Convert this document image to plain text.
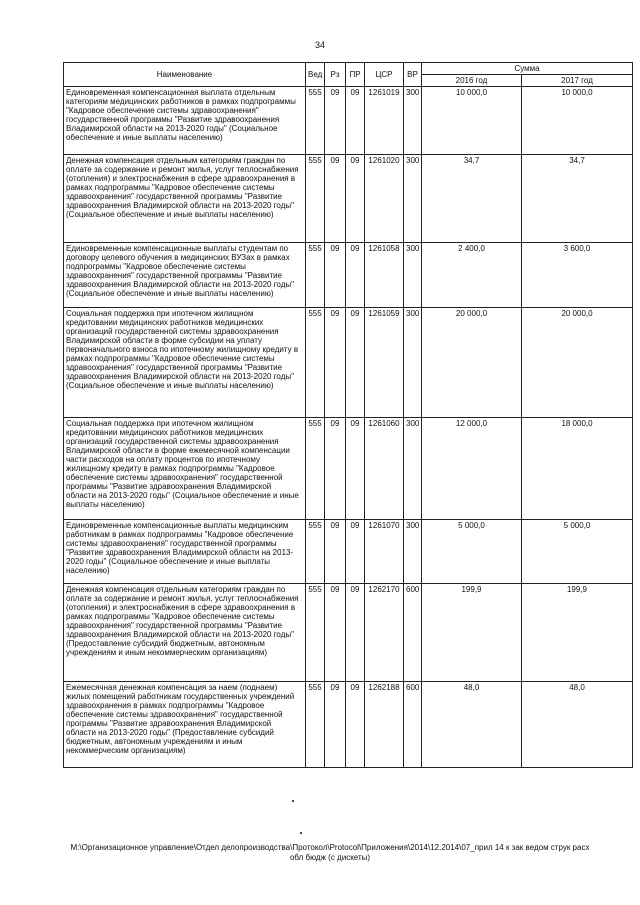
34
Наименование	Вед	Рз	ПР	ЦСР	ВР	Сумма	
						2016 год	2017 год
Единовременная компенсационная выплата отдельным категориям медицинских работников в рамках подпрограммы "Кадровое обеспечение системы здравоохранения" государственной программы "Развитие здравоохранения Владимирской области на 2013-2020 годы" (Социальное обеспечение и иные выплаты населению)	555	09	09	1261019	300	10 000,0	10 000,0
Денежная компенсация отдельным категориям граждан по оплате за содержание и ремонт жилья, услуг теплоснабжения (отопления) и электроснабжения в сфере здравоохранения в рамках подпрограммы "Кадровое обеспечение системы здравоохранения" государственной программы "Развитие здравоохранения Владимирской области на 2013-2020 годы" (Социальное обеспечение и иные выплаты населению)	555	09	09	1261020	300	34,7	34,7
Единовременные компенсационные выплаты студентам по договору целевого обучения в медицинских ВУЗах в рамках подпрограммы "Кадровое обеспечение системы здравоохранения" государственной программы "Развитие здравоохранения Владимирской области на 2013-2020 годы" (Социальное обеспечение и иные выплаты населению)	555	09	09	1261058	300	2 400,0	3 600,0
Социальная поддержка при ипотечном жилищном кредитовании медицинских работников медицинских организаций государственной системы здравоохранения Владимирской области в форме субсидии на уплату первоначального взноса по ипотечному жилищному кредиту в рамках подпрограммы "Кадровое обеспечение системы здравоохранения" государственной программы "Развитие здравоохранения Владимирской области на 2013-2020 годы" (Социальное обеспечение и иные выплаты населению)	555	09	09	1261059	300	20 000,0	20 000,0
Социальная поддержка при ипотечном жилищном кредитовании медицинских работников медицинских организаций государственной системы здравоохранения Владимирской области в форме ежемесячной компенсации части расходов на оплату процентов по ипотечному жилищному кредиту в рамках подпрограммы "Кадровое обеспечение системы здравоохранения" государственной программы "Развитие здравоохранения Владимирской области на 2013-2020 годы" (Социальное обеспечение и иные выплаты населению)	555	09	09	1261060	300	12 000,0	18 000,0
Единовременные компенсационные выплаты медицинским работникам в рамках подпрограммы "Кадровое обеспечение системы здравоохранения" государственной программы "Развитие здравоохранения Владимирской области на 2013-2020 годы" (Социальное обеспечение и иные выплаты населению)	555	09	09	1261070	300	5 000,0	5 000,0
Денежная компенсация отдельным категориям граждан по оплате за содержание и ремонт жилья, услуг теплоснабжения (отопления) и электроснабжения в сфере здравоохранения в рамках подпрограммы "Кадровое обеспечение системы здравоохранения" государственной программы "Развитие здравоохранения Владимирской области на 2013-2020 годы" (Предоставление субсидий бюджетным, автономным учреждениям и иным некоммерческим организациям)	555	09	09	1262170	600	199,9	199,9
Ежемесячная денежная компенсация за наем (поднаем) жилых помещений работникам государственных учреждений здравоохранения в рамках подпрограммы "Кадровое обеспечение системы здравоохранения" государственной программы "Развитие здравоохранения Владимирской области на 2013-2020 годы" (Предоставление субсидий бюджетным, автономным учреждениям и иным некоммерческим организациям)	555	09	09	1262188	600	48,0	48,0
M:\Организационное управление\Отдел делопроизводства\Протокол\Protocol\Приложения\2014\12.2014\07_прил 14 к зак ведом струк расх обл бюдж (с дискеты)
